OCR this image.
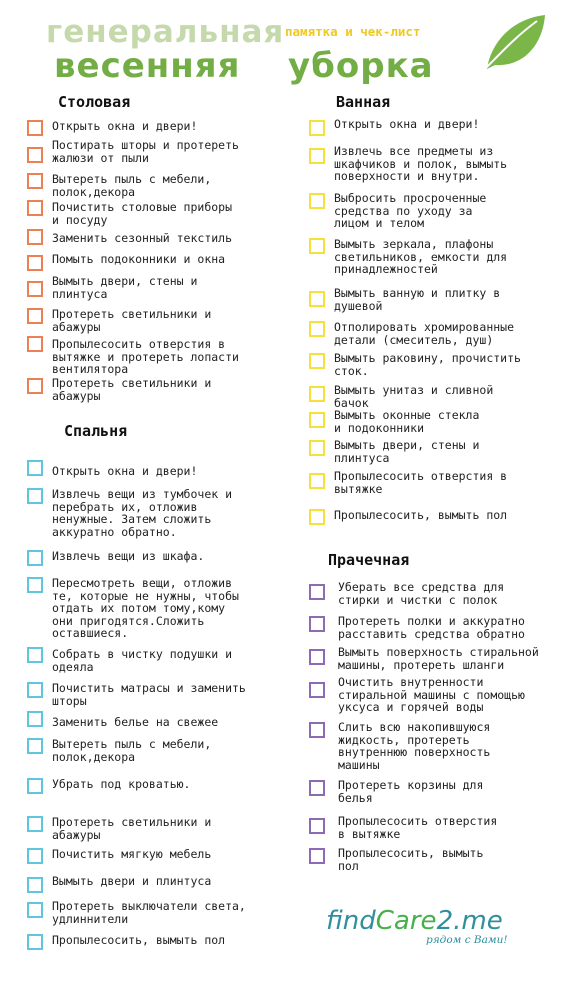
генеральная
весенняя уборка
памятка и чек-лист
Столовая
Открыть окна и двери!
Постирать шторы и протереть
жалюзи от пыли
Вытереть пыль с мебели,
полок,декора
Почистить столовые приборы
и посуду
Заменить сезонный текстиль
Помыть подоконники и окна
Вымыть двери, стены и
плинтуса
Протереть светильники и
абажуры
Пропылесосить отверстия в
вытяжке и протереть лопасти
вентилятора
Протереть светильники и
абажуры
Спальня
Открыть окна и двери!
Извлечь вещи из тумбочек и
перебрать их, отложив
ненужные. Затем сложить
аккуратно обратно.
Извлечь вещи из шкафа.
Пересмотреть вещи, отложив
те, которые не нужны, чтобы
отдать их потом тому,кому
они пригодятся.Сложить
оставшиеся.
Собрать в чистку подушки и
одеяла
Почистить матрасы и заменить
шторы
Заменить белье на свежее
Вытереть пыль с мебели,
полок,декора
Убрать под кроватью.
Протереть светильники и
абажуры
Почистить мягкую мебель
Вымыть двери и плинтуса
Протереть выключатели света,
удлиннители
Пропылесосить, вымыть пол
Ванная
Открыть окна и двери!
Извлечь все предметы из
шкафчиков и полок, вымыть
поверхности и внутри.
Выбросить просроченные
средства по уходу за
лицом и телом
Вымыть зеркала, плафоны
светильников, емкости для
принадлежностей
Вымыть ванную и плитку в
душевой
Отполировать хромированные
детали (смеситель, душ)
Вымыть раковину, прочистить
сток.
Вымыть унитаз и сливной
бачок
Вымыть оконные стекла
и подоконники
Вымыть двери, стены и
плинтуса
Пропылесосить отверстия в
вытяжке
Пропылесосить, вымыть пол
Прачечная
Уберать все средства для
стирки и чистки с полок
Протереть полки и аккуратно
расставить средства обратно
Вымыть поверхность стиральной
машины, протереть шланги
Очистить внутренности
стиральной машины с помощью
уксуса и горячей воды
Слить всю накопившуюся
жидкость, протереть
внутреннюю поверхность
машины
Протереть корзины для
белья
Пропылесосить отверстия
в вытяжке
Пропылесосить, вымыть
пол
findCare2.me
рядом с Вами!
